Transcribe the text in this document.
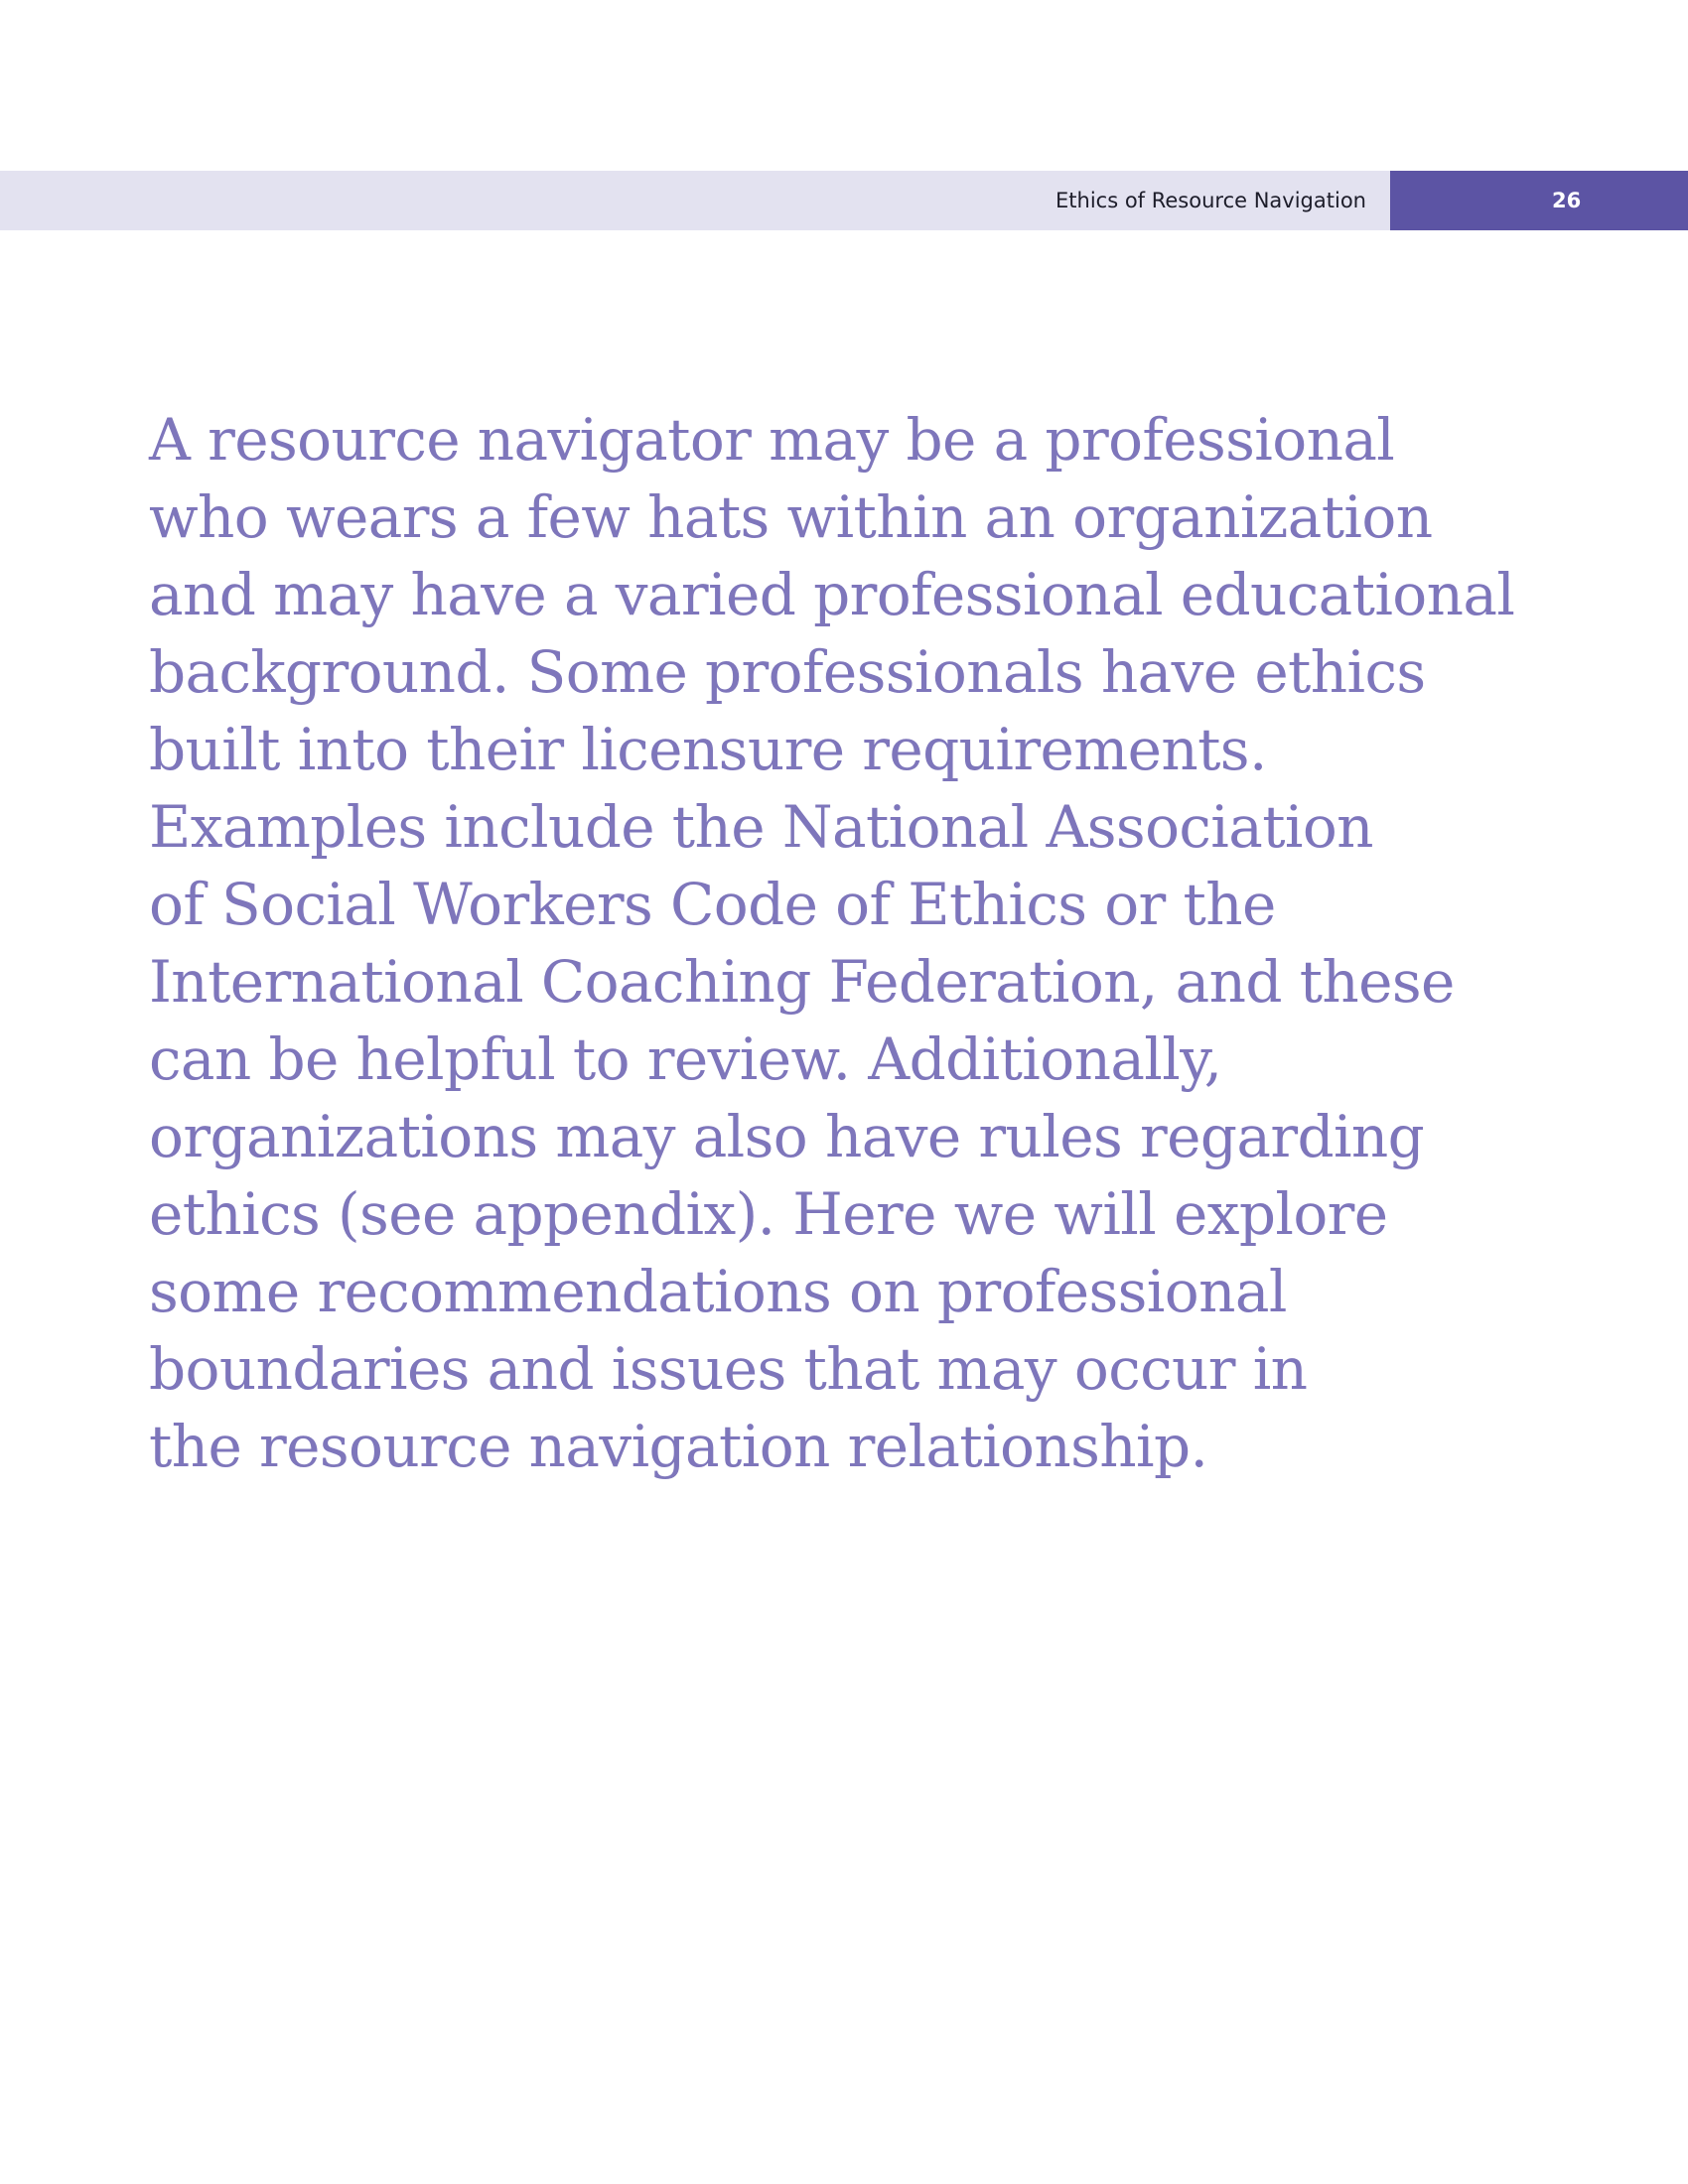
Ethics of Resource Navigation	26

A resource navigator may be a professional
who wears a few hats within an organization
and may have a varied professional educational
background. Some professionals have ethics
built into their licensure requirements.
Examples include the National Association
of Social Workers Code of Ethics or the
International Coaching Federation, and these
can be helpful to review. Additionally,
organizations may also have rules regarding
ethics (see appendix). Here we will explore
some recommendations on professional
boundaries and issues that may occur in
the resource navigation relationship.
